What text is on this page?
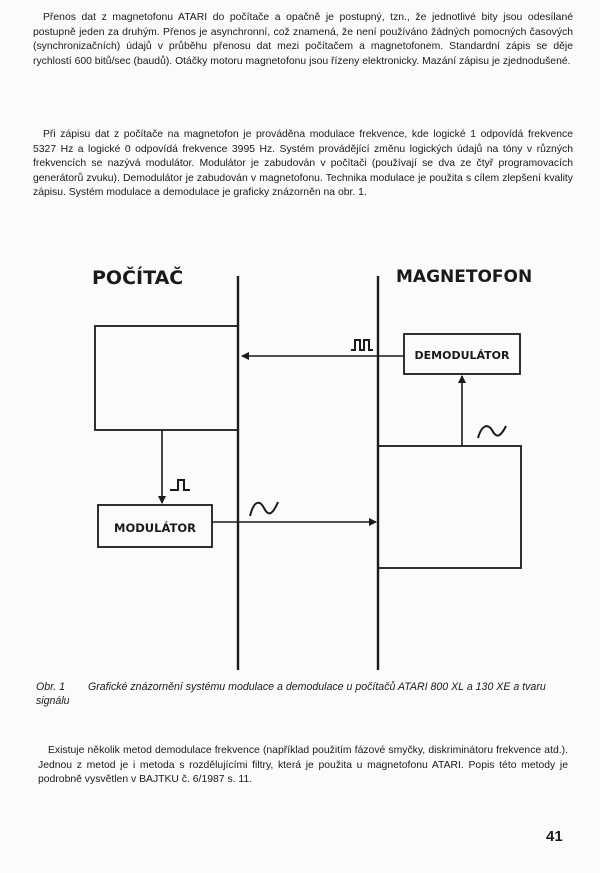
Přenos dat z magnetofonu ATARI do počítače a opačně je postupný, tzn., že jednotlivé bity jsou odesílané postupně jeden za druhým. Přenos je asynchronní, což znamená, že není používáno žádných pomocných časových (synchronizačních) údajů v průběhu přenosu dat mezi počítačem a magnetofonem. Standardní zápis se děje rychlostí 600 bitů/sec (baudů). Otáčky motoru magnetofonu jsou řízeny elektronicky. Mazání zápisu je zjednodušené.

Při zápisu dat z počítače na magnetofon je prováděna modulace frekvence, kde logické 1 odpovídá frekvence 5327 Hz a logické 0 odpovídá frekvence 3995 Hz. Systém provádějící změnu logických údajů na tóny v různých frekvencích se nazývá modulátor. Modulátor je zabudován v počítači (používají se dva ze čtyř programovacích generátorů zvuku). Demodulátor je zabudován v magnetofonu. Technika modulace je použita s cílem zlepšení kvality zápisu. Systém modulace a demodulace je graficky znázorněn na obr. 1.

POČÍTAČ	MAGNETOFON
MODULÁTOR
DEMODULÁTOR

Obr. 1 Grafické znázornění systému modulace a demodulace u počítačů ATARI 800 XL a 130 XE a tvaru signálu

Existuje několik metod demodulace frekvence (například použitím fázové smyčky, diskriminátoru frekvence atd.). Jednou z metod je i metoda s rozdělujícími filtry, která je použita u magnetofonu ATARI. Popis této metody je podrobně vysvětlen v BAJTKU č. 6/1987 s. 11.

41
